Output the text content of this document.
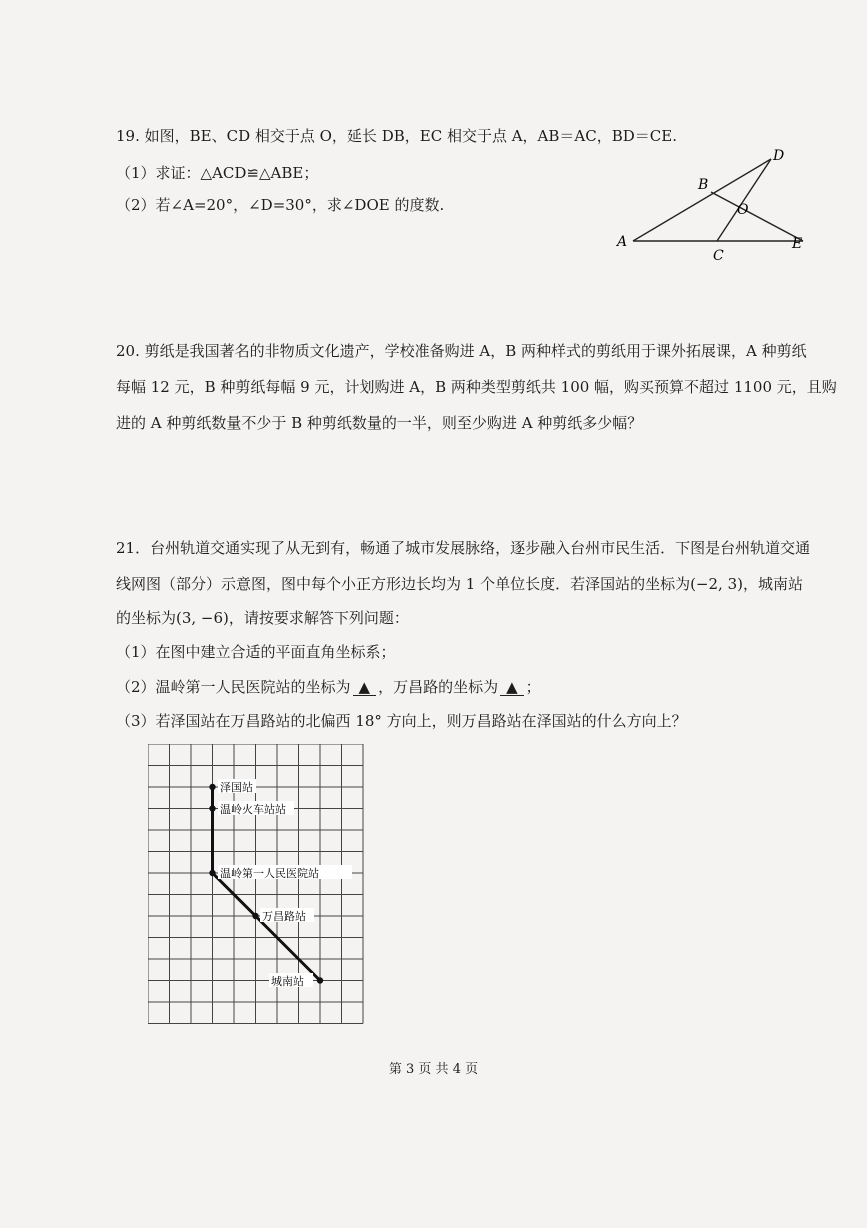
19. 如图，BE、CD 相交于点 O，延长 DB，EC 相交于点 A，AB＝AC，BD＝CE.
（1）求证：△ACD≌△ABE；
（2）若∠A=20°，∠D=30°，求∠DOE 的度数.
A
B
C
D
E
O
20. 剪纸是我国著名的非物质文化遗产，学校准备购进 A，B 两种样式的剪纸用于课外拓展课，A 种剪纸
每幅 12 元，B 种剪纸每幅 9 元，计划购进 A，B 两种类型剪纸共 100 幅，购买预算不超过 1100 元，且购
进的 A 种剪纸数量不少于 B 种剪纸数量的一半，则至少购进 A 种剪纸多少幅？
21．台州轨道交通实现了从无到有，畅通了城市发展脉络，逐步融入台州市民生活．下图是台州轨道交通
线网图（部分）示意图，图中每个小正方形边长均为 1 个单位长度．若泽国站的坐标为(−2, 3)，城南站
的坐标为(3, −6)，请按要求解答下列问题：
（1）在图中建立合适的平面直角坐标系；
（2）温岭第一人民医院站的坐标为 ▲ ，万昌路的坐标为 ▲ ；
（3）若泽国站在万昌路站的北偏西 18° 方向上，则万昌路站在泽国站的什么方向上？
泽国站
温岭火车站站
温岭第一人民医院站
万昌路站
城南站
第 3 页 共 4 页
